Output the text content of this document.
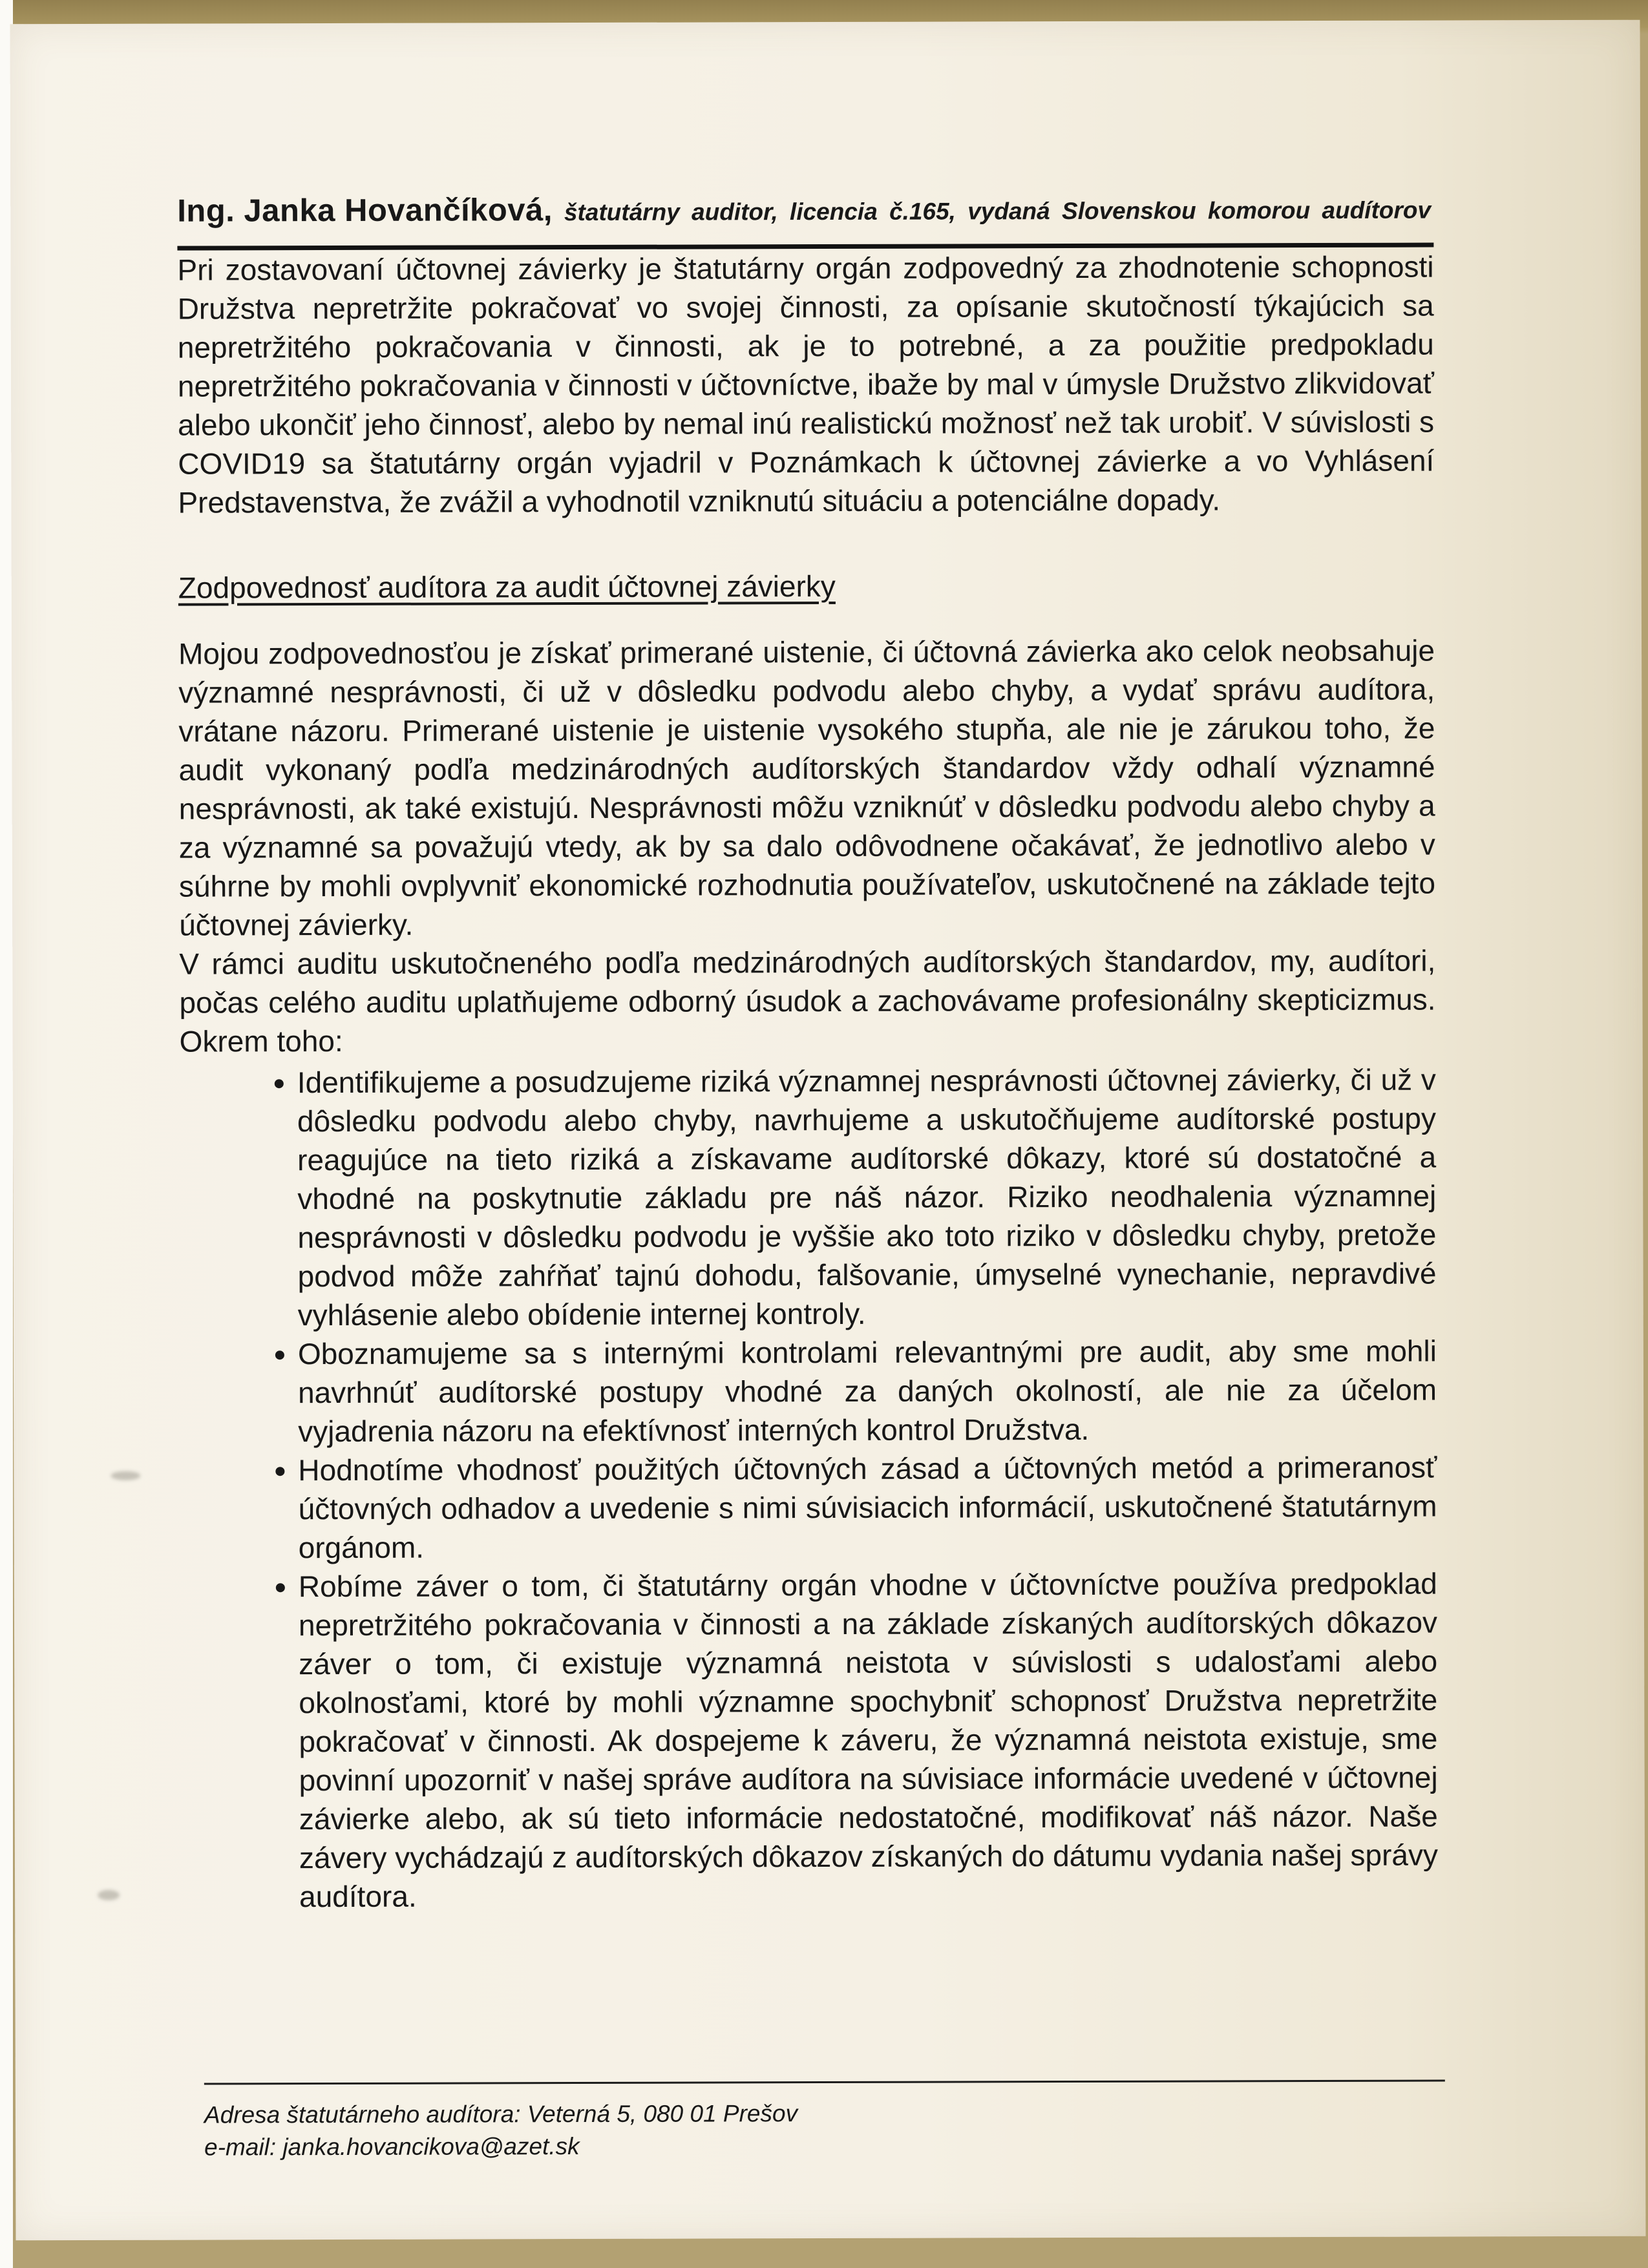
Ing. Janka Hovančíková, štatutárny auditor, licencia č.165, vydaná Slovenskou komorou audítorov

Pri zostavovaní účtovnej závierky je štatutárny orgán zodpovedný za zhodnotenie schopnosti Družstva nepretržite pokračovať vo svojej činnosti, za opísanie skutočností týkajúcich sa nepretržitého pokračovania v činnosti, ak je to potrebné, a za použitie predpokladu nepretržitého pokračovania v činnosti v účtovníctve, ibaže by mal v úmysle Družstvo zlikvidovať alebo ukončiť jeho činnosť, alebo by nemal inú realistickú možnosť než tak urobiť. V súvislosti s COVID19 sa štatutárny orgán vyjadril v Poznámkach k účtovnej závierke a vo Vyhlásení Predstavenstva, že zvážil a vyhodnotil vzniknutú situáciu a potenciálne dopady.

Zodpovednosť audítora za audit účtovnej závierky

Mojou zodpovednosťou je získať primerané uistenie, či účtovná závierka ako celok neobsahuje významné nesprávnosti, či už v dôsledku podvodu alebo chyby, a vydať správu audítora, vrátane názoru. Primerané uistenie je uistenie vysokého stupňa, ale nie je zárukou toho, že audit vykonaný podľa medzinárodných audítorských štandardov vždy odhalí významné nesprávnosti, ak také existujú. Nesprávnosti môžu vzniknúť v dôsledku podvodu alebo chyby a za významné sa považujú vtedy, ak by sa dalo odôvodnene očakávať, že jednotlivo alebo v súhrne by mohli ovplyvniť ekonomické rozhodnutia používateľov, uskutočnené na základe tejto účtovnej závierky.

V rámci auditu uskutočneného podľa medzinárodných audítorských štandardov, my, audítori, počas celého auditu uplatňujeme odborný úsudok a zachovávame profesionálny skepticizmus. Okrem toho:

• Identifikujeme a posudzujeme riziká významnej nesprávnosti účtovnej závierky, či už v dôsledku podvodu alebo chyby, navrhujeme a uskutočňujeme audítorské postupy reagujúce na tieto riziká a získavame audítorské dôkazy, ktoré sú dostatočné a vhodné na poskytnutie základu pre náš názor. Riziko neodhalenia významnej nesprávnosti v dôsledku podvodu je vyššie ako toto riziko v dôsledku chyby, pretože podvod môže zahŕňať tajnú dohodu, falšovanie, úmyselné vynechanie, nepravdivé vyhlásenie alebo obídenie internej kontroly.
• Oboznamujeme sa s internými kontrolami relevantnými pre audit, aby sme mohli navrhnúť audítorské postupy vhodné za daných okolností, ale nie za účelom vyjadrenia názoru na efektívnosť interných kontrol Družstva.
• Hodnotíme vhodnosť použitých účtovných zásad a účtovných metód a primeranosť účtovných odhadov a uvedenie s nimi súvisiacich informácií, uskutočnené štatutárnym orgánom.
• Robíme záver o tom, či štatutárny orgán vhodne v účtovníctve používa predpoklad nepretržitého pokračovania v činnosti a na základe získaných audítorských dôkazov záver o tom, či existuje významná neistota v súvislosti s udalosťami alebo okolnosťami, ktoré by mohli významne spochybniť schopnosť Družstva nepretržite pokračovať v činnosti. Ak dospejeme k záveru, že významná neistota existuje, sme povinní upozorniť v našej správe audítora na súvisiace informácie uvedené v účtovnej závierke alebo, ak sú tieto informácie nedostatočné, modifikovať náš názor. Naše závery vychádzajú z audítorských dôkazov získaných do dátumu vydania našej správy audítora.

Adresa štatutárneho audítora: Veterná 5, 080 01 Prešov

e-mail: janka.hovancikova@azet.sk
